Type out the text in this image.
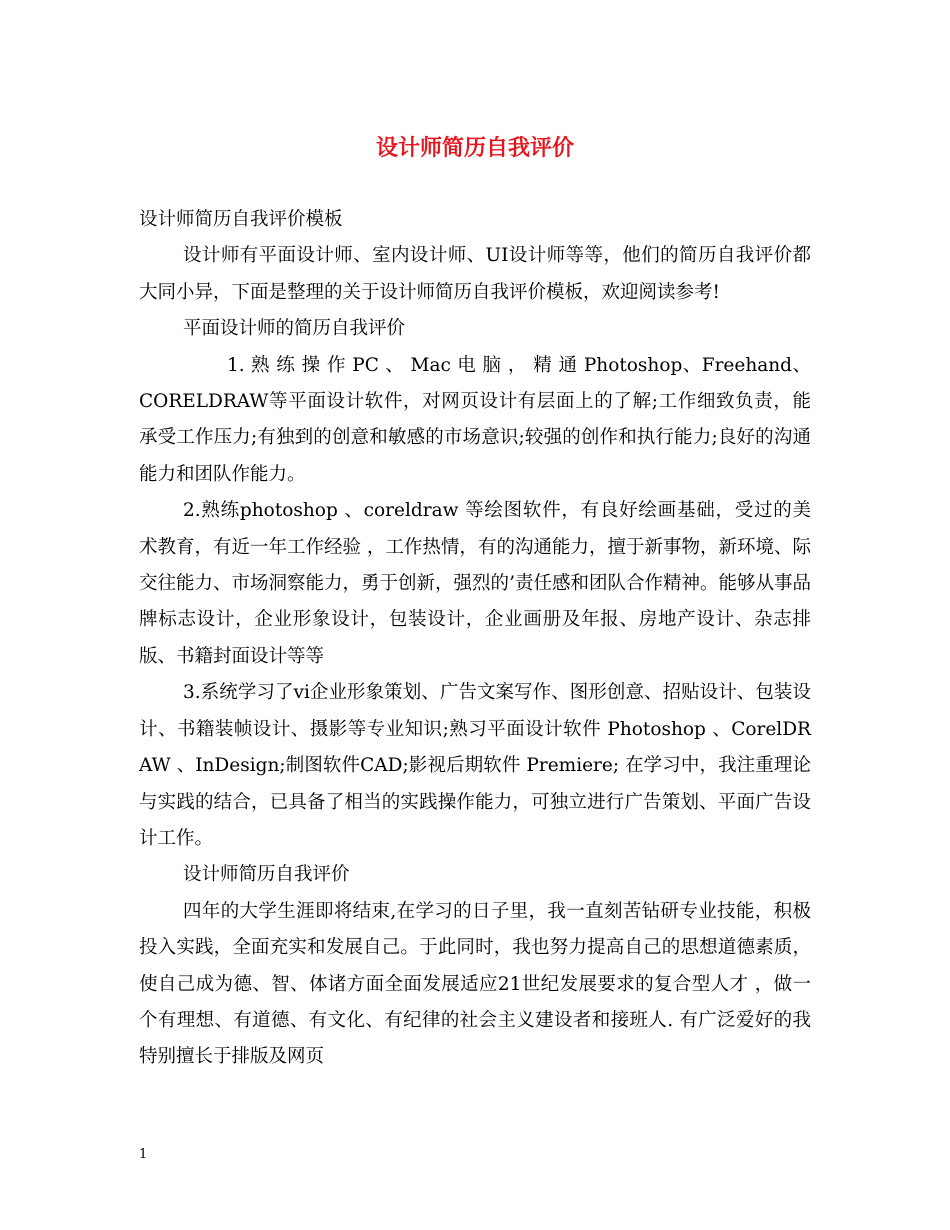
设计师简历自我评价

设计师简历自我评价模板

设计师有平面设计师、室内设计师、UI设计师等等，他们的简历自我评价都大同小异，下面是整理的关于设计师简历自我评价模板，欢迎阅读参考!

平面设计师的简历自我评价

1. 熟 练 操 作 PC 、 Mac 电 脑 ， 精 通 Photoshop、Freehand、CORELDRAW等平面设计软件，对网页设计有层面上的了解;工作细致负责，能承受工作压力;有独到的创意和敏感的市场意识;较强的创作和执行能力;良好的沟通能力和团队作能力。

2.熟练photoshop 、coreldraw 等绘图软件，有良好绘画基础，受过的美术教育，有近一年工作经验 ，工作热情，有的沟通能力，擅于新事物，新环境、际交往能力、市场洞察能力，勇于创新，强烈的’责任感和团队合作精神。能够从事品牌标志设计，企业形象设计，包装设计，企业画册及年报、房地产设计、杂志排版、书籍封面设计等等

3.系统学习了vi企业形象策划、广告文案写作、图形创意、招贴设计、包装设计、书籍装帧设计、摄影等专业知识;熟习平面设计软件 Photoshop 、CorelDRAW 、InDesign;制图软件CAD;影视后期软件 Premiere; 在学习中，我注重理论与实践的结合，已具备了相当的实践操作能力，可独立进行广告策划、平面广告设计工作。

设计师简历自我评价

四年的大学生涯即将结束,在学习的日子里，我一直刻苦钻研专业技能，积极投入实践，全面充实和发展自己。于此同时，我也努力提高自己的思想道德素质，使自己成为德、智、体诸方面全面发展适应21世纪发展要求的复合型人才 ，做一个有理想、有道德、有文化、有纪律的社会主义建设者和接班人. 有广泛爱好的我特别擅长于排版及网页

1
